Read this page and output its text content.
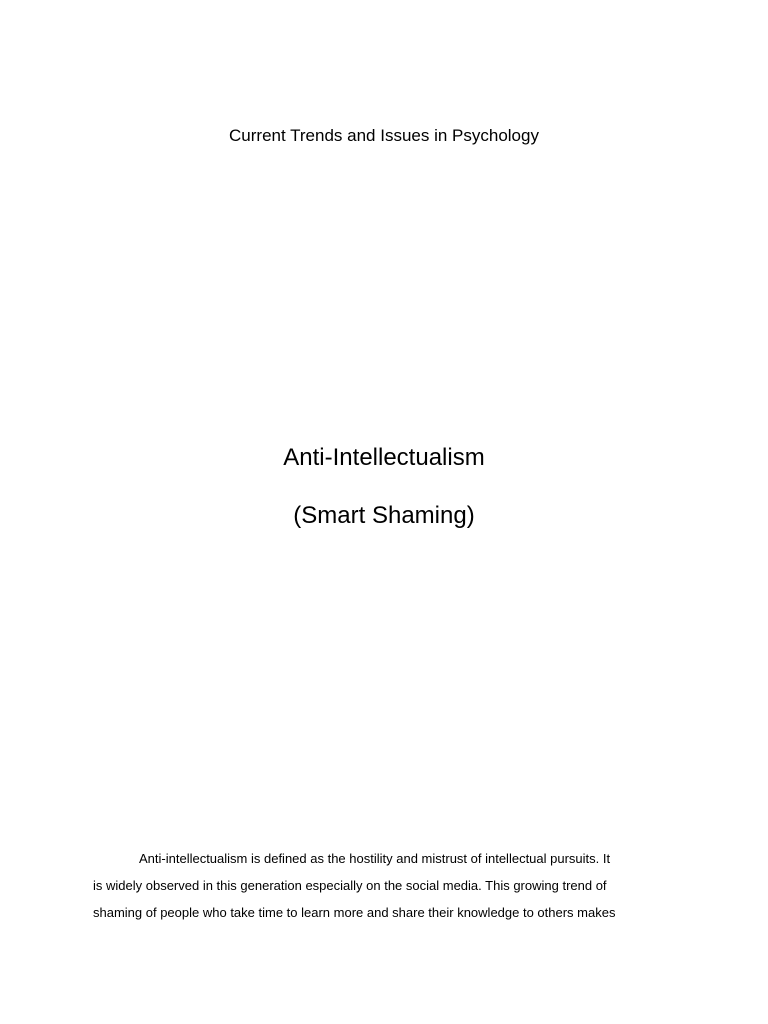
Current Trends and Issues in Psychology
Anti-Intellectualism
(Smart Shaming)
Anti-intellectualism is defined as the hostility and mistrust of intellectual pursuits. It
is widely observed in this generation especially on the social media. This growing trend of
shaming of people who take time to learn more and share their knowledge to others makes
